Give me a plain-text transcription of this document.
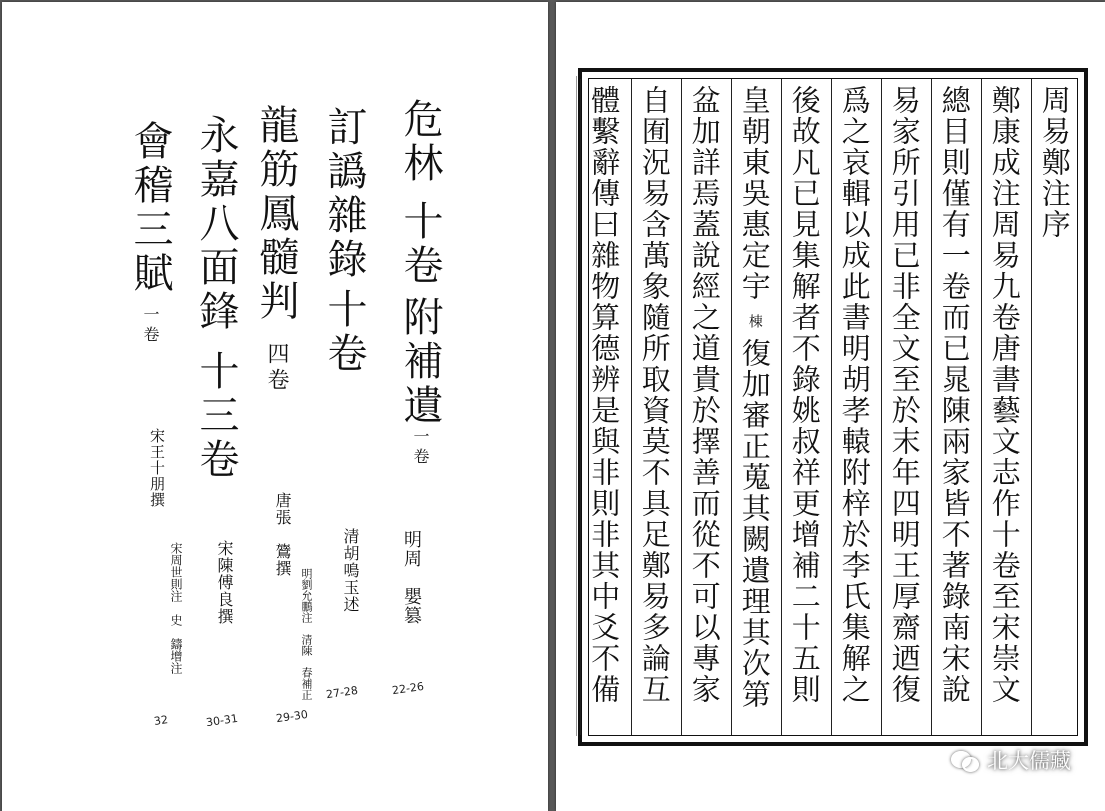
危林十卷附補遺一卷
訂譌雜錄十卷
龍筋鳳髓判四卷
永嘉八面鋒十三卷
會稽三賦一卷
明周　嬰篡
22-26
清胡鳴玉述
27-28
唐張　鷟撰
明劉允鵬注　清陳　春補正
29-30
宋陳傅良撰
30-31
宋王十朋撰
宋周世則注　史　鑄增注
32
周易鄭注序
鄭康成注周易九卷唐書藝文志作十卷至宋崇文
總目則僅有一卷而已晁陳兩家皆不著錄南宋說
易家所引用已非全文至於末年四明王厚齋迺復
爲之哀輯以成此書明胡孝轅附梓於李氏集解之
後故凡已見集解者不錄姚叔祥更增補二十五則
皇朝東吳惠定宇棟復加審正蒐其闕遺理其次第
盆加詳焉蓋說經之道貴於擇善而從不可以專家
自囿況易含萬象隨所取資莫不具足鄭易多論互
體繫辭傳曰雜物算德辨是與非則非其中爻不備
北大儒藏
